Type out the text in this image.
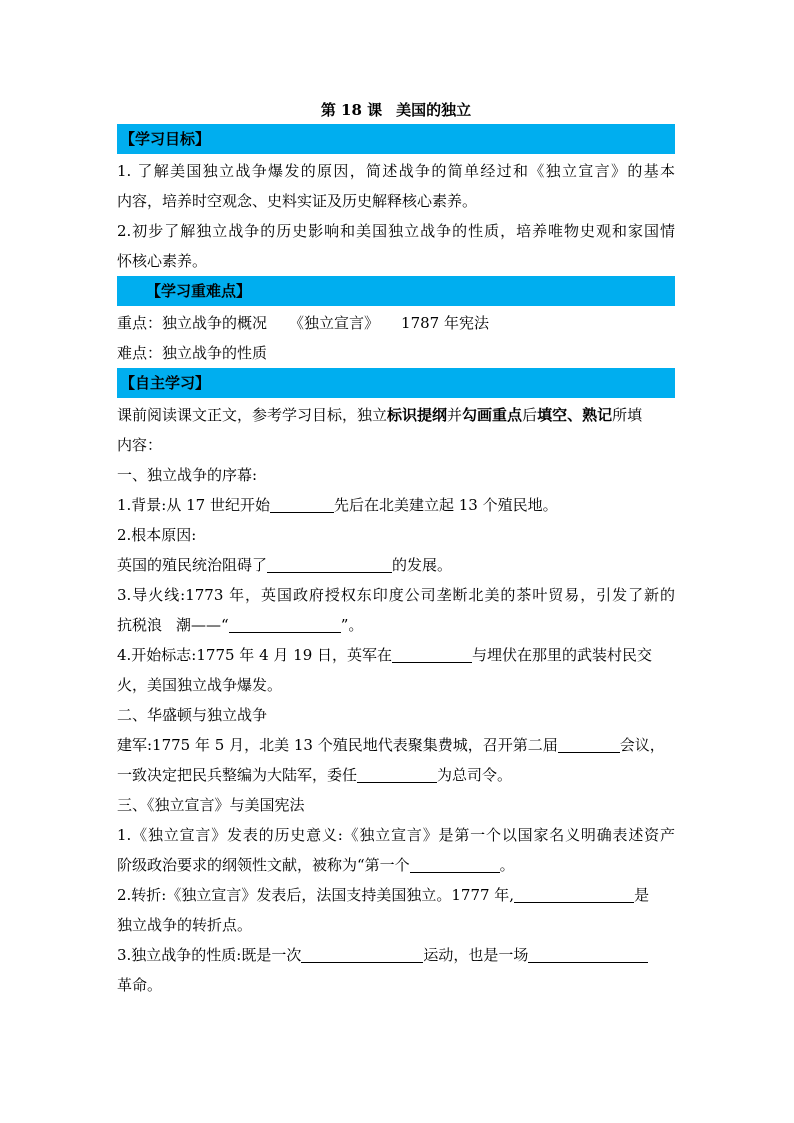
第 18 课 美国的独立
【学习目标】
1. 了解美国独立战争爆发的原因，简述战争的简单经过和《独立宣言》的基本
内容，培养时空观念、史料实证及历史解释核心素养。
2.初步了解独立战争的历史影响和美国独立战争的性质，培养唯物史观和家国情
怀核心素养。
【学习重难点】
重点：独立战争的概况 《独立宣言》 1787 年宪法
难点：独立战争的性质
【自主学习】
课前阅读课文正文，参考学习目标，独立标识提纲并勾画重点后填空、熟记所填
内容：
一、独立战争的序幕:
1.背景:从 17 世纪开始	先后在北美建立起 13 个殖民地。
2.根本原因:
英国的殖民统治阻碍了	的发展。
3.导火线:1773 年，英国政府授权东印度公司垄断北美的茶叶贸易，引发了新的
抗税浪 潮——“	”。
4.开始标志:1775 年 4 月 19 日，英军在	与埋伏在那里的武装村民交
火，美国独立战争爆发。
二、华盛顿与独立战争
建军:1775 年 5 月，北美 13 个殖民地代表聚集费城，召开第二届	会议，
一致决定把民兵整编为大陆军，委任	为总司令。
三、《独立宣言》与美国宪法
1.《独立宣言》发表的历史意义:《独立宣言》是第一个以国家名义明确表述资产
阶级政治要求的纲领性文献，被称为“第一个	。
2.转折:《独立宣言》发表后，法国支持美国独立。1777 年,	是
独立战争的转折点。
3.独立战争的性质:既是一次	运动，也是一场
革命。
